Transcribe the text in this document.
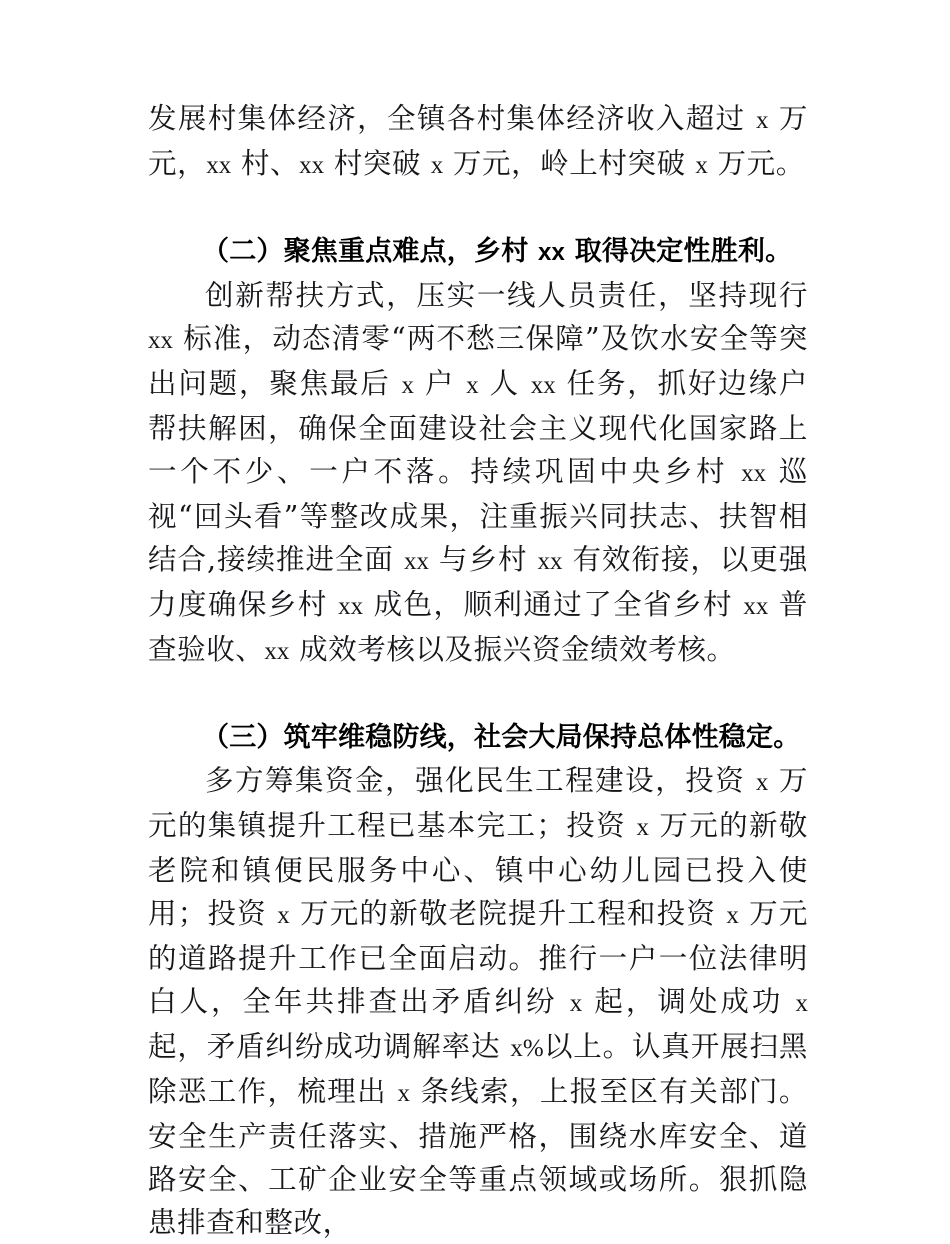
发展村集体经济，全镇各村集体经济收入超过 x 万元，xx 村、xx 村突破 x 万元，岭上村突破 x 万元。

（二）聚焦重点难点，乡村 xx 取得决定性胜利。

创新帮扶方式，压实一线人员责任，坚持现行 xx 标准，动态清零“两不愁三保障”及饮水安全等突出问题，聚焦最后 x 户 x 人 xx 任务，抓好边缘户帮扶解困，确保全面建设社会主义现代化国家路上一个不少、一户不落。持续巩固中央乡村 xx 巡视“回头看”等整改成果，注重振兴同扶志、扶智相结合,接续推进全面 xx 与乡村 xx 有效衔接，以更强力度确保乡村 xx 成色，顺利通过了全省乡村 xx 普查验收、xx 成效考核以及振兴资金绩效考核。

（三）筑牢维稳防线，社会大局保持总体性稳定。

多方筹集资金，强化民生工程建设，投资 x 万元的集镇提升工程已基本完工；投资 x 万元的新敬老院和镇便民服务中心、镇中心幼儿园已投入使用；投资 x 万元的新敬老院提升工程和投资 x 万元的道路提升工作已全面启动。推行一户一位法律明白人，全年共排查出矛盾纠纷 x 起，调处成功 x 起，矛盾纠纷成功调解率达 x%以上。认真开展扫黑除恶工作，梳理出 x 条线索，上报至区有关部门。安全生产责任落实、措施严格，围绕水库安全、道路安全、工矿企业安全等重点领域或场所。狠抓隐患排查和整改，
